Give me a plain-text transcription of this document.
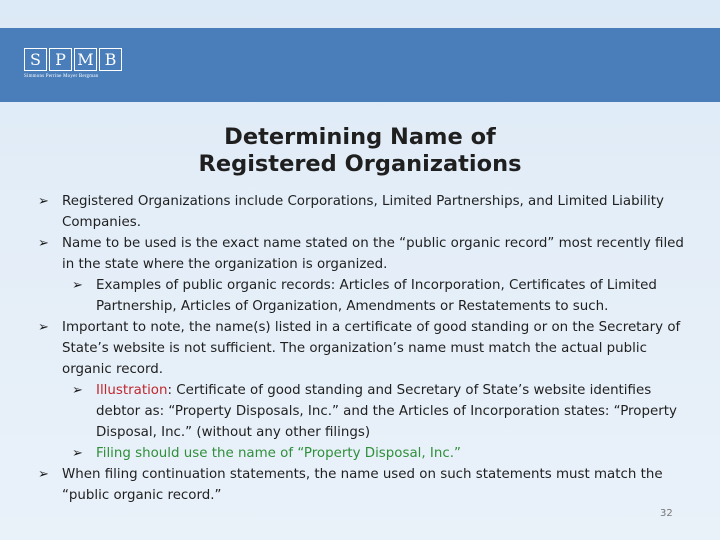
S P M B
Simmons Perrine Moyer Bergman
Determining Name of
Registered Organizations
➢ Registered Organizations include Corporations, Limited Partnerships, and Limited Liability Companies.
➢ Name to be used is the exact name stated on the “public organic record” most recently filed in the state where the organization is organized.
➢ Examples of public organic records: Articles of Incorporation, Certificates of Limited Partnership, Articles of Organization, Amendments or Restatements to such.
➢ Important to note, the name(s) listed in a certificate of good standing or on the Secretary of State’s website is not sufficient. The organization’s name must match the actual public organic record.
➢ Illustration: Certificate of good standing and Secretary of State’s website identifies debtor as: “Property Disposals, Inc.” and the Articles of Incorporation states: “Property Disposal, Inc.” (without any other filings)
➢ Filing should use the name of “Property Disposal, Inc.”
➢ When filing continuation statements, the name used on such statements must match the “public organic record.”
32
